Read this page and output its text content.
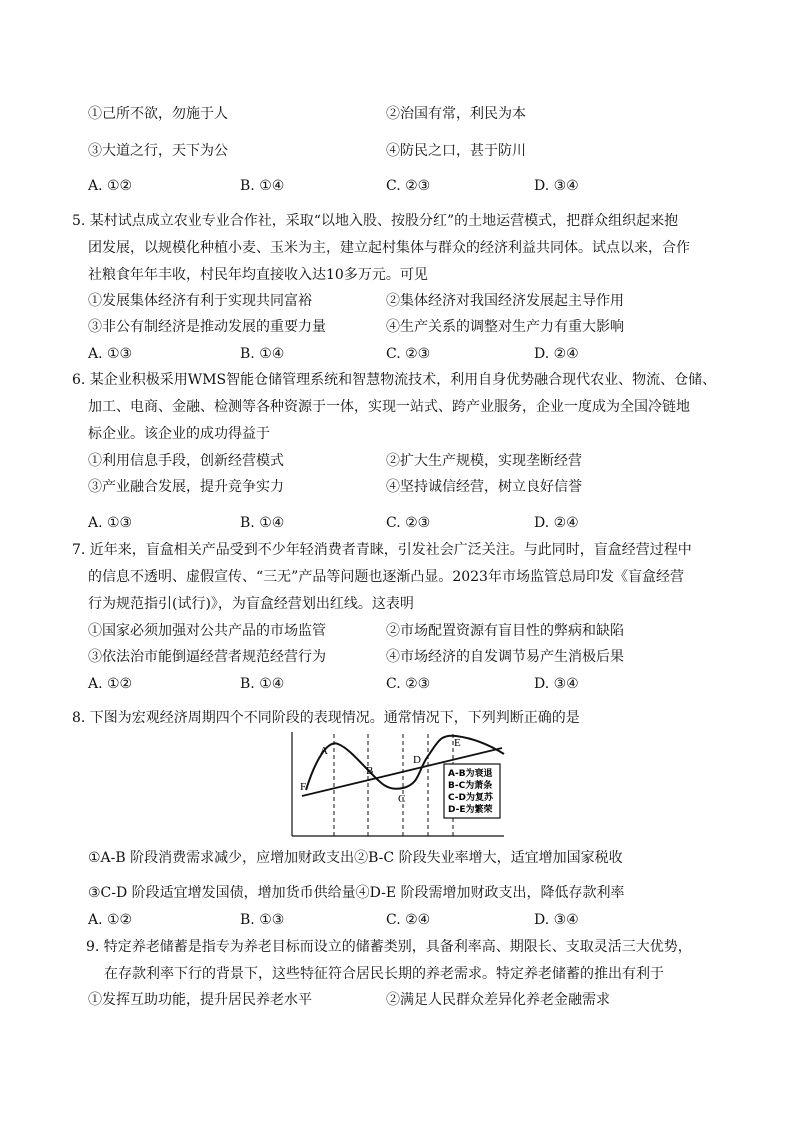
①己所不欲，勿施于人	②治国有常，利民为本
③大道之行，天下为公	④防民之口，甚于防川
A. ①②	B. ①④	C. ②③	D. ③④
5. 某村试点成立农业专业合作社，采取“以地入股、按股分红”的土地运营模式，把群众组织起来抱
团发展，以规模化种植小麦、玉米为主，建立起村集体与群众的经济利益共同体。试点以来，合作
社粮食年年丰收，村民年均直接收入达10多万元。可见
①发展集体经济有利于实现共同富裕	②集体经济对我国经济发展起主导作用
③非公有制经济是推动发展的重要力量	④生产关系的调整对生产力有重大影响
A. ①③	B. ①④	C. ②③	D. ②④
6. 某企业积极采用WMS智能仓储管理系统和智慧物流技术，利用自身优势融合现代农业、物流、仓储、
加工、电商、金融、检测等各种资源于一体，实现一站式、跨产业服务，企业一度成为全国冷链地
标企业。该企业的成功得益于
①利用信息手段，创新经营模式	②扩大生产规模，实现垄断经营
③产业融合发展，提升竞争实力	④坚持诚信经营，树立良好信誉
A. ①③	B. ①④	C. ②③	D. ②④
7. 近年来，盲盒相关产品受到不少年轻消费者青睐，引发社会广泛关注。与此同时，盲盒经营过程中
的信息不透明、虚假宣传、“三无”产品等问题也逐渐凸显。2023年市场监管总局印发《盲盒经营
行为规范指引(试行)》，为盲盒经营划出红线。这表明
①国家必须加强对公共产品的市场监管	②市场配置资源有盲目性的弊病和缺陷
③依法治市能倒逼经营者规范经营行为	④市场经济的自发调节易产生消极后果
A. ①②	B. ①④	C. ②③	D. ③④
8. 下图为宏观经济周期四个不同阶段的表现情况。通常情况下，下列判断正确的是
A
B
C
D
E
F
A-B为衰退
B-C为萧条
C-D为复苏
D-E为繁荣
①A-B 阶段消费需求减少，应增加财政支出②B-C 阶段失业率增大，适宜增加国家税收
③C-D 阶段适宜增发国债，增加货币供给量④D-E 阶段需增加财政支出，降低存款利率
A. ①②	B. ①③	C. ②④	D. ③④
9. 特定养老储蓄是指专为养老目标而设立的储蓄类别，具备利率高、期限长、支取灵活三大优势，
在存款利率下行的背景下，这些特征符合居民长期的养老需求。特定养老储蓄的推出有利于
①发挥互助功能，提升居民养老水平	②满足人民群众差异化养老金融需求
